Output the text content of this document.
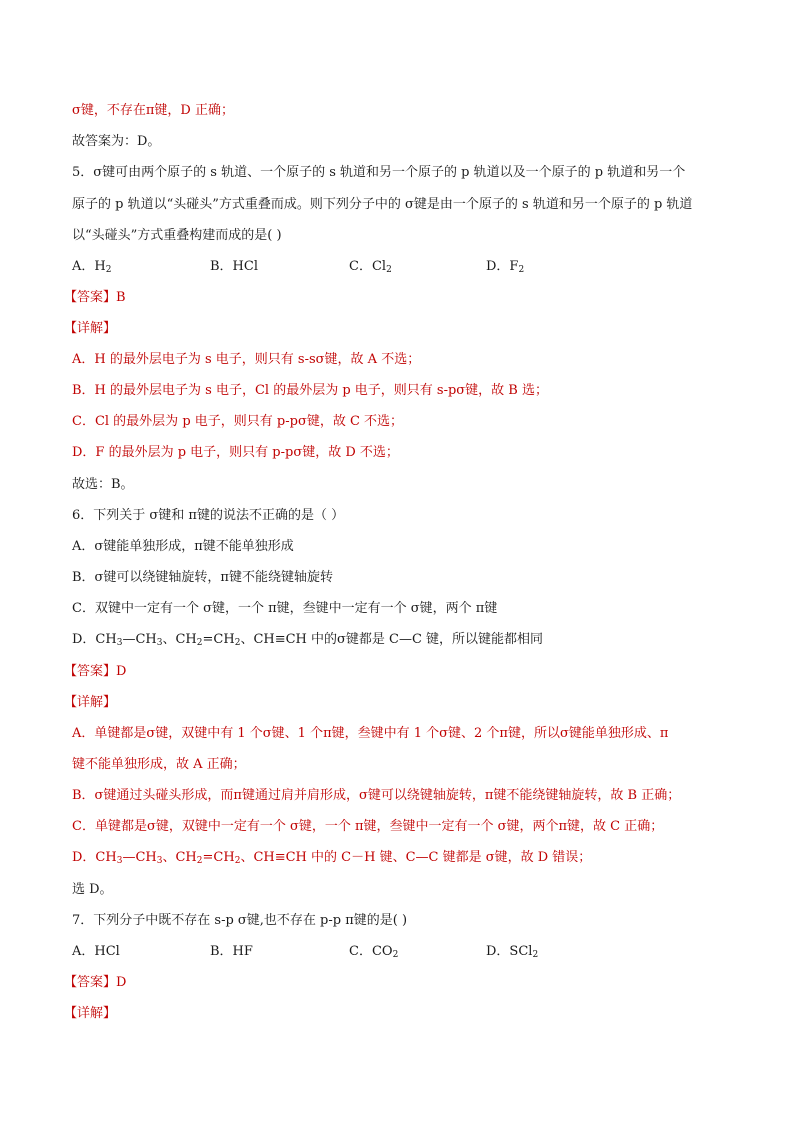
σ键，不存在π键，D 正确；
故答案为：D。
5．σ键可由两个原子的 s 轨道、一个原子的 s 轨道和另一个原子的 p 轨道以及一个原子的 p 轨道和另一个
原子的 p 轨道以“头碰头”方式重叠而成。则下列分子中的 σ键是由一个原子的 s 轨道和另一个原子的 p 轨道
以“头碰头”方式重叠构建而成的是( )
A．$H_2$	B．HCl	C．$Cl_2$	D．$F_2$
【答案】B
【详解】
A．H 的最外层电子为 s 电子，则只有 s-sσ键，故 A 不选；
B．H 的最外层电子为 s 电子，Cl 的最外层为 p 电子，则只有 s-pσ键，故 B 选；
C．Cl 的最外层为 p 电子，则只有 p-pσ键，故 C 不选；
D．F 的最外层为 p 电子，则只有 p-pσ键，故 D 不选；
故选：B。
6．下列关于 σ键和 π键的说法不正确的是（ ）
A．σ键能单独形成，π键不能单独形成
B．σ键可以绕键轴旋转，π键不能绕键轴旋转
C．双键中一定有一个 σ键，一个 π键，叁键中一定有一个 σ键，两个 π键
D．$CH_3—CH_3$、$CH_2=CH_2$、CH≡CH 中的σ键都是 C—C 键，所以键能都相同
【答案】D
【详解】
A．单键都是σ键，双键中有 1 个σ键、1 个π键，叁键中有 1 个σ键、2 个π键，所以σ键能单独形成、π
键不能单独形成，故 A 正确；
B．σ键通过头碰头形成，而π键通过肩并肩形成，σ键可以绕键轴旋转，π键不能绕键轴旋转，故 B 正确；
C．单键都是σ键，双键中一定有一个 σ键，一个 π键，叁键中一定有一个 σ键，两个π键，故 C 正确；
D．$CH_3—CH_3$、$CH_2=CH_2$、CH≡CH 中的 C－H 键、C—C 键都是 σ键，故 D 错误；
选 D。
7．下列分子中既不存在 s-p σ键,也不存在 p-p π键的是( )
A．HCl	B．HF	C．$CO_2$	D．SCl$_2$
【答案】D
【详解】
